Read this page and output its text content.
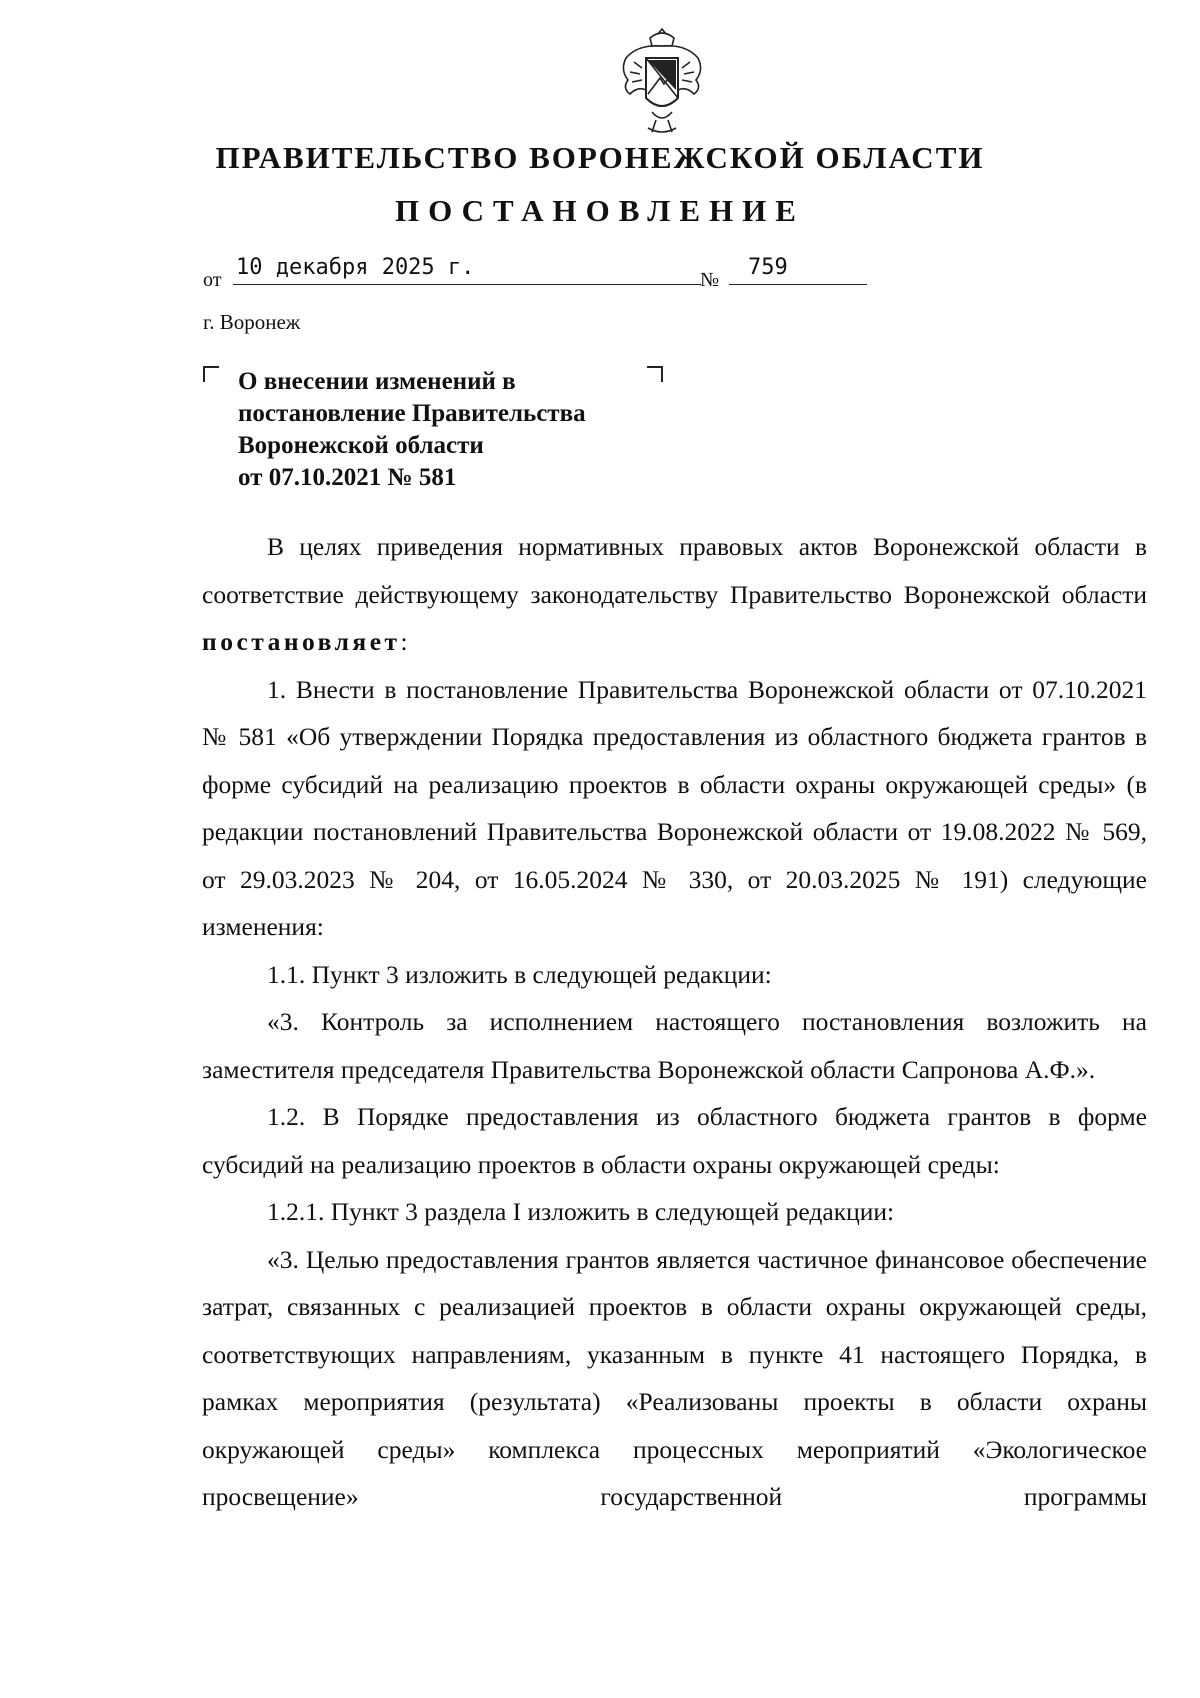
ПРАВИТЕЛЬСТВО ВОРОНЕЖСКОЙ ОБЛАСТИ
ПОСТАНОВЛЕНИЕ
от 10 декабря 2025 г.	№ 759
г. Воронеж
О внесении изменений в
постановление Правительства
Воронежской области
от 07.10.2021 № 581

В целях приведения нормативных правовых актов Воронежской области в соответствие действующему законодательству Правительство Воронежской области постановляет:

1. Внести в постановление Правительства Воронежской области от 07.10.2021 № 581 «Об утверждении Порядка предоставления из областного бюджета грантов в форме субсидий на реализацию проектов в области охраны окружающей среды» (в редакции постановлений Правительства Воронежской области от 19.08.2022 № 569, от 29.03.2023 № 204, от 16.05.2024 № 330, от 20.03.2025 № 191) следующие изменения:

1.1. Пункт 3 изложить в следующей редакции:

«3. Контроль за исполнением настоящего постановления возложить на заместителя председателя Правительства Воронежской области Сапронова А.Ф.».

1.2. В Порядке предоставления из областного бюджета грантов в форме субсидий на реализацию проектов в области охраны окружающей среды:

1.2.1. Пункт 3 раздела I изложить в следующей редакции:

«3. Целью предоставления грантов является частичное финансовое обеспечение затрат, связанных с реализацией проектов в области охраны окружающей среды, соответствующих направлениям, указанным в пункте 41 настоящего Порядка, в рамках мероприятия (результата) «Реализованы проекты в области охраны окружающей среды» комплекса процессных мероприятий «Экологическое просвещение» государственной программы
